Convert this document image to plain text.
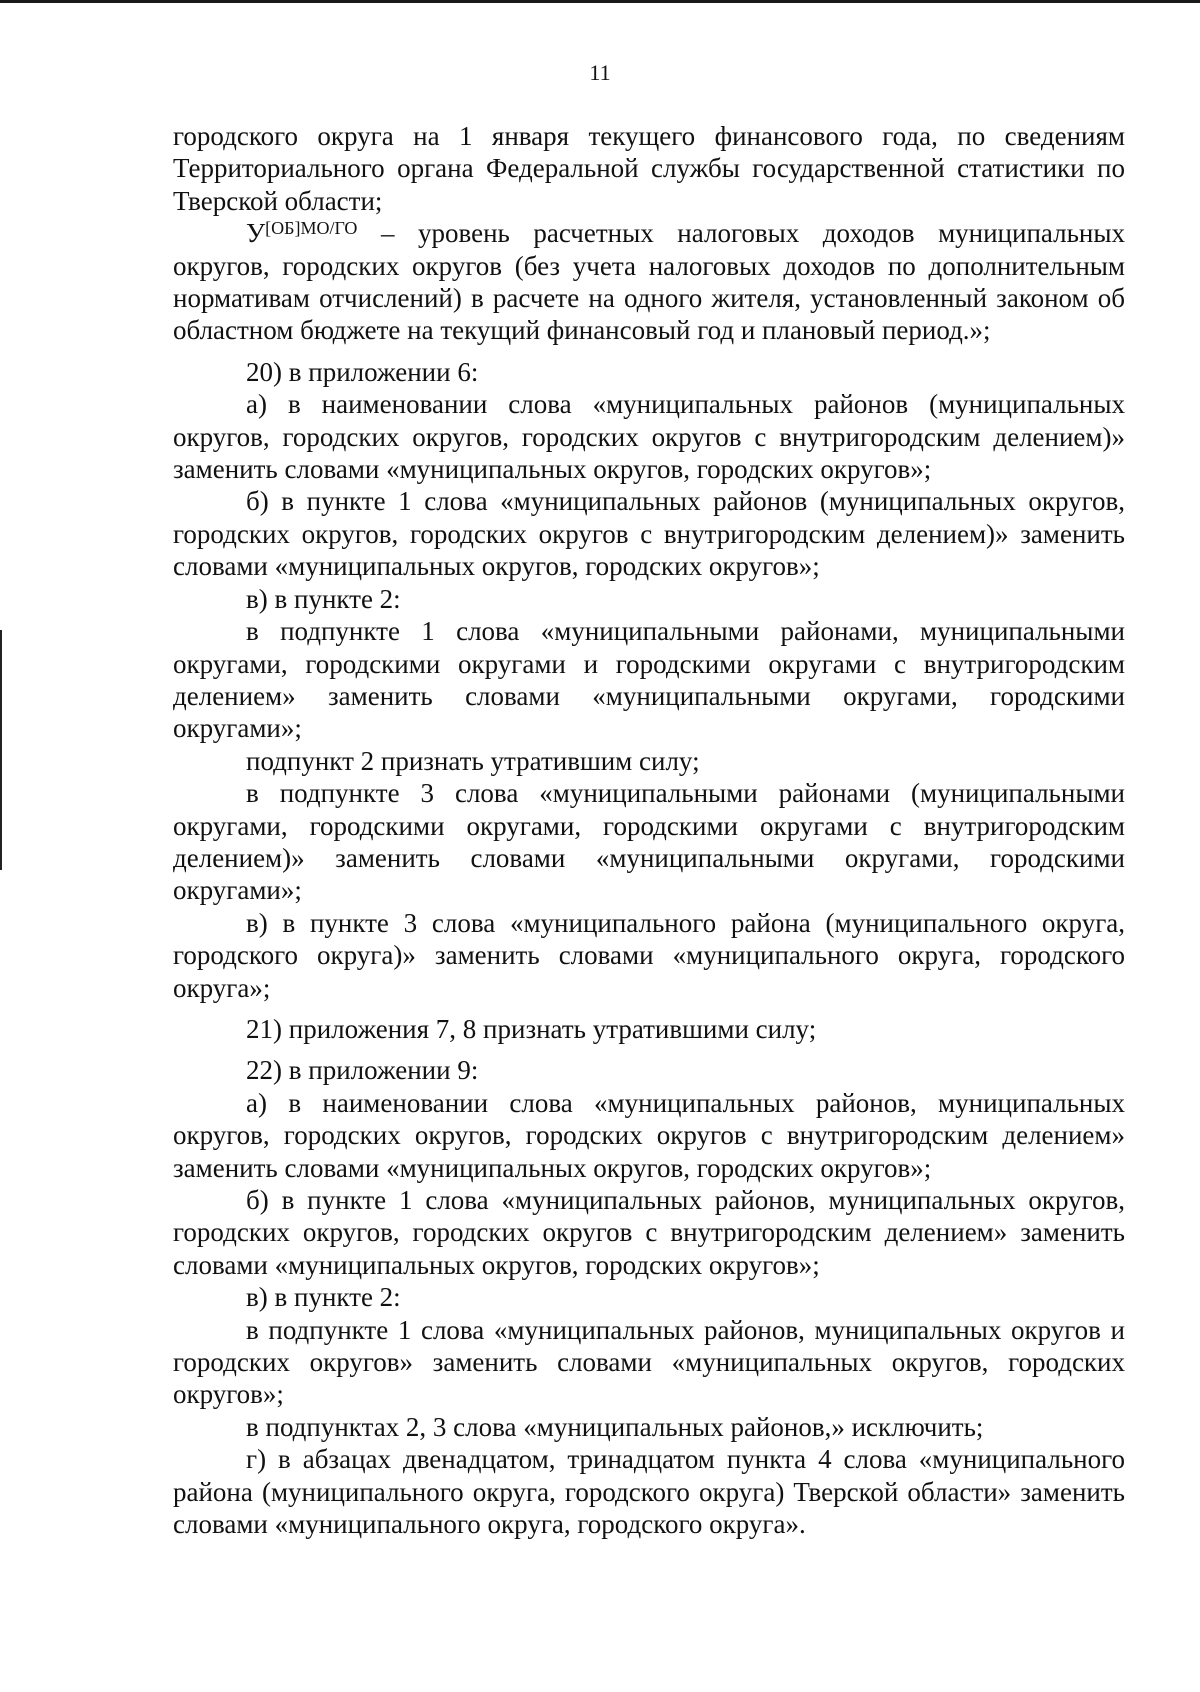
11

городского округа на 1 января текущего финансового года, по сведениям Территориального органа Федеральной службы государственной статистики по Тверской области;

$У^{[ОБ]МО/ГО}$ – уровень расчетных налоговых доходов муниципальных округов, городских округов (без учета налоговых доходов по дополнительным нормативам отчислений) в расчете на одного жителя, установленный законом об областном бюджете на текущий финансовый год и плановый период.»;

20) в приложении 6:

а) в наименовании слова «муниципальных районов (муниципальных округов, городских округов, городских округов с внутригородским делением)» заменить словами «муниципальных округов, городских округов»;

б) в пункте 1 слова «муниципальных районов (муниципальных округов, городских округов, городских округов с внутригородским делением)» заменить словами «муниципальных округов, городских округов»;

в) в пункте 2:

в подпункте 1 слова «муниципальными районами, муниципальными округами, городскими округами и городскими округами с внутригородским делением» заменить словами «муниципальными округами, городскими округами»;

подпункт 2 признать утратившим силу;

в подпункте 3 слова «муниципальными районами (муниципальными округами, городскими округами, городскими округами с внутригородским делением)» заменить словами «муниципальными округами, городскими округами»;

в) в пункте 3 слова «муниципального района (муниципального округа, городского округа)» заменить словами «муниципального округа, городского округа»;

21) приложения 7, 8 признать утратившими силу;

22) в приложении 9:

а) в наименовании слова «муниципальных районов, муниципальных округов, городских округов, городских округов с внутригородским делением» заменить словами «муниципальных округов, городских округов»;

б) в пункте 1 слова «муниципальных районов, муниципальных округов, городских округов, городских округов с внутригородским делением» заменить словами «муниципальных округов, городских округов»;

в) в пункте 2:

в подпункте 1 слова «муниципальных районов, муниципальных округов и городских округов» заменить словами «муниципальных округов, городских округов»;

в подпунктах 2, 3 слова «муниципальных районов,» исключить;

г) в абзацах двенадцатом, тринадцатом пункта 4 слова «муниципального района (муниципального округа, городского округа) Тверской области» заменить словами «муниципального округа, городского округа».
